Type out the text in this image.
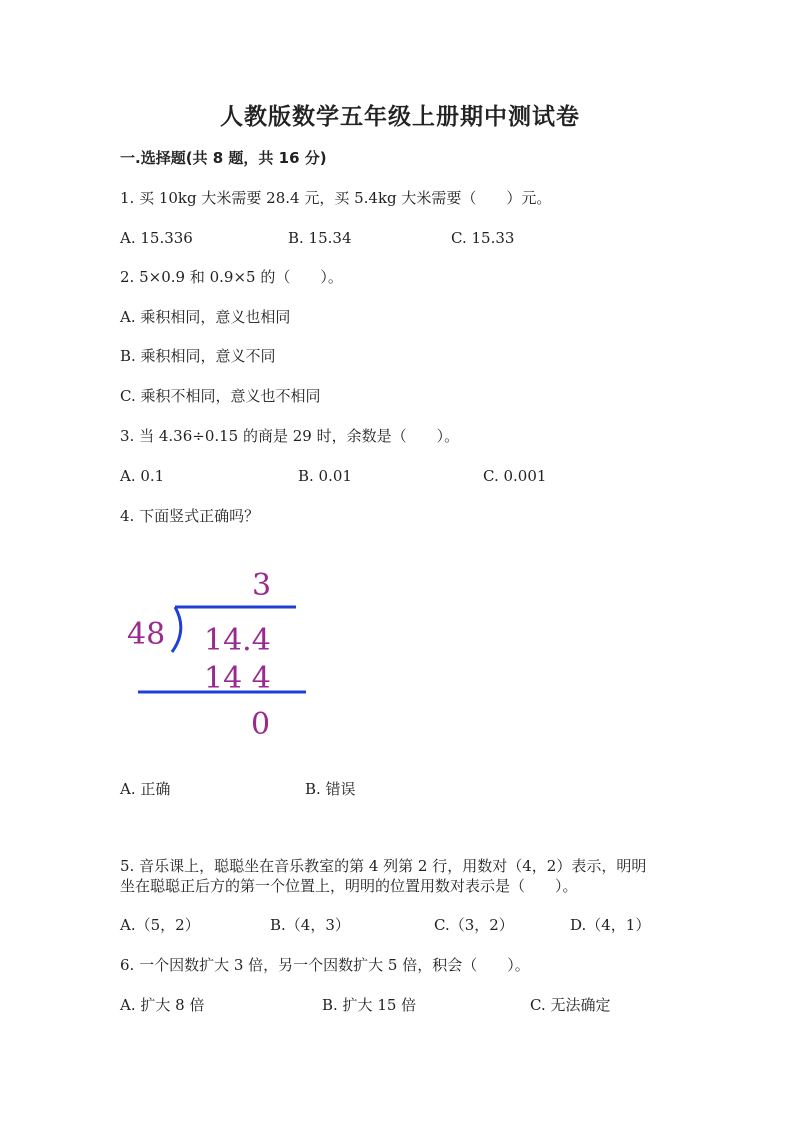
人教版数学五年级上册期中测试卷
一.选择题(共 8 题，共 16 分)
1. 买 10kg 大米需要 28.4 元，买 5.4kg 大米需要（　　）元。
A. 15.336	B. 15.34	C. 15.33
2. 5×0.9 和 0.9×5 的（　　）。
A. 乘积相同，意义也相同
B. 乘积相同，意义不同
C. 乘积不相同，意义也不相同
3. 当 4.36÷0.15 的商是 29 时，余数是（　　）。
A. 0.1	B. 0.01	C. 0.001
4. 下面竖式正确吗？
3
48 14.4
14 4
0
A. 正确	B. 错误
5. 音乐课上，聪聪坐在音乐教室的第 4 列第 2 行，用数对（4，2）表示，明明
坐在聪聪正后方的第一个位置上，明明的位置用数对表示是（　　）。
A.（5，2）	B.（4，3）	C.（3，2）	D.（4，1）
6. 一个因数扩大 3 倍，另一个因数扩大 5 倍，积会（　　）。
A. 扩大 8 倍	B. 扩大 15 倍	C. 无法确定
